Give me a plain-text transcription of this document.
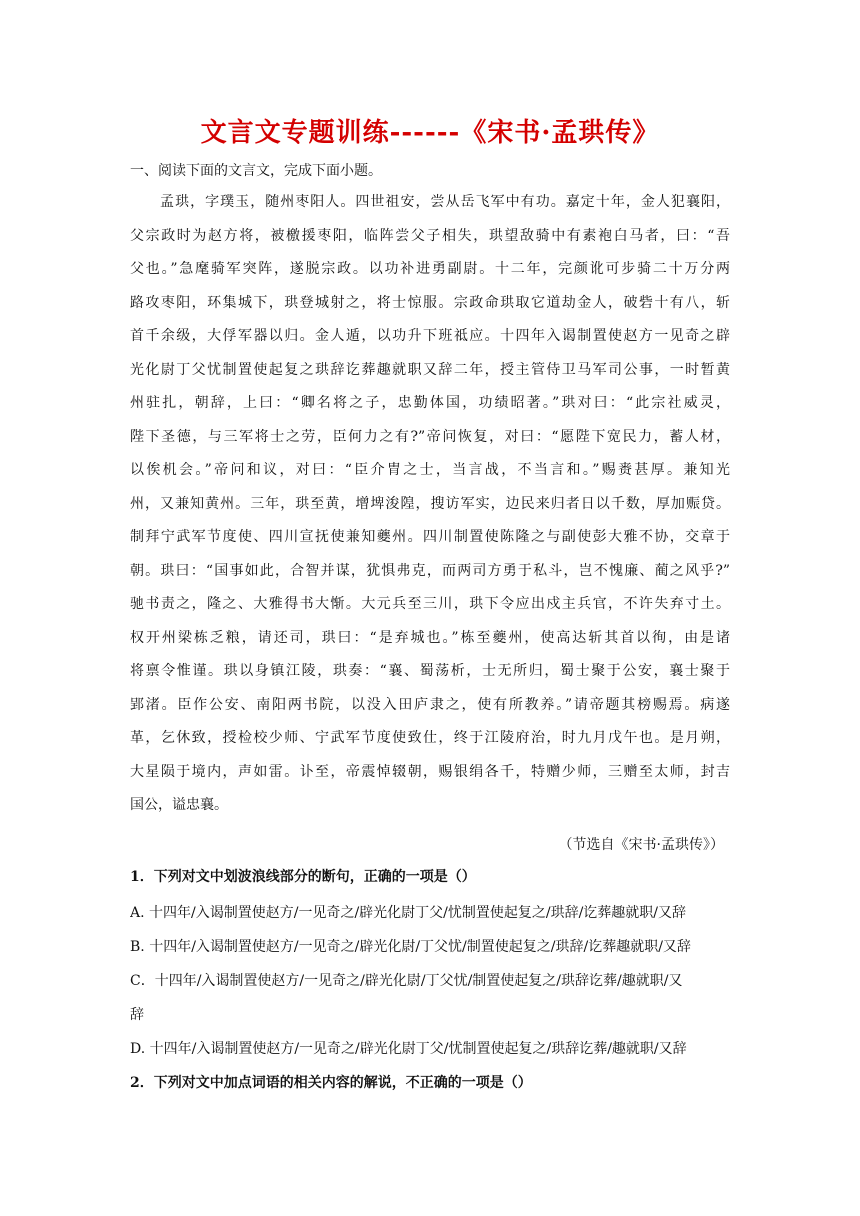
文言文专题训练------《宋书·孟珙传》
一、阅读下面的文言文，完成下面小题。
　　孟珙，字璞玉，随州枣阳人。四世祖安，尝从岳飞军中有功。嘉定十年，金人犯襄阳，
父宗政时为赵方将，被檄援枣阳，临阵尝父子相失，珙望敌骑中有素袍白马者，曰：“吾
父也。”急麾骑军突阵，遂脱宗政。以功补进勇副尉。十二年，完颜讹可步骑二十万分两
路攻枣阳，环集城下，珙登城射之，将士惊服。宗政命珙取它道劫金人，破砦十有八，斩
首千余级，大俘军器以归。金人遁，以功升下班祗应。十四年入谒制置使赵方一见奇之辟
光化尉丁父忧制置使起复之珙辞讫葬趣就职又辞二年，授主管侍卫马军司公事，一时暂黄
州驻扎，朝辞，上曰：“卿名将之子，忠勤体国，功绩昭著。”珙对曰：“此宗社威灵，
陛下圣德，与三军将士之劳，臣何力之有?”帝问恢复，对曰：“愿陛下宽民力，蓄人材，
以俟机会。”帝问和议，对曰：“臣介胄之士，当言战，不当言和。”赐赉甚厚。兼知光
州，又兼知黄州。三年，珙至黄，增埤浚隍，搜访军实，边民来归者日以千数，厚加赈贷。
制拜宁武军节度使、四川宣抚使兼知夔州。四川制置使陈隆之与副使彭大雅不协，交章于
朝。珙曰：“国事如此，合智并谋，犹惧弗克，而两司方勇于私斗，岂不愧廉、蔺之风乎?”
驰书责之，隆之、大雅得书大惭。大元兵至三川，珙下令应出戍主兵官，不许失弃寸土。
权开州梁栋乏粮，请还司，珙曰：“是弃城也。”栋至夔州，使高达斩其首以徇，由是诸
将禀令惟谨。珙以身镇江陵，珙奏：“襄、蜀荡析，士无所归，蜀士聚于公安，襄士聚于
郢渚。臣作公安、南阳两书院，以没入田庐隶之，使有所教养。”请帝题其榜赐焉。病遂
革，乞休致，授检校少师、宁武军节度使致仕，终于江陵府治，时九月戊午也。是月朔，
大星陨于境内，声如雷。讣至，帝震悼辍朝，赐银绢各千，特赠少师，三赠至太师，封吉
国公，谥忠襄。
（节选自《宋书·孟珙传》）
1．下列对文中划波浪线部分的断句，正确的一项是（）
A. 十四年/入谒制置使赵方/一见奇之/辟光化尉丁父/忧制置使起复之/珙辞/讫葬趣就职/又辞
B. 十四年/入谒制置使赵方/一见奇之/辟光化尉/丁父忧/制置使起复之/珙辞/讫葬趣就职/又辞
C．十四年/入谒制置使赵方/一见奇之/辟光化尉/丁父忧/制置使起复之/珙辞讫葬/趣就职/又
辞
D. 十四年/入谒制置使赵方/一见奇之/辟光化尉丁父/忧制置使起复之/珙辞讫葬/趣就职/又辞
2．下列对文中加点词语的相关内容的解说，不正确的一项是（）
